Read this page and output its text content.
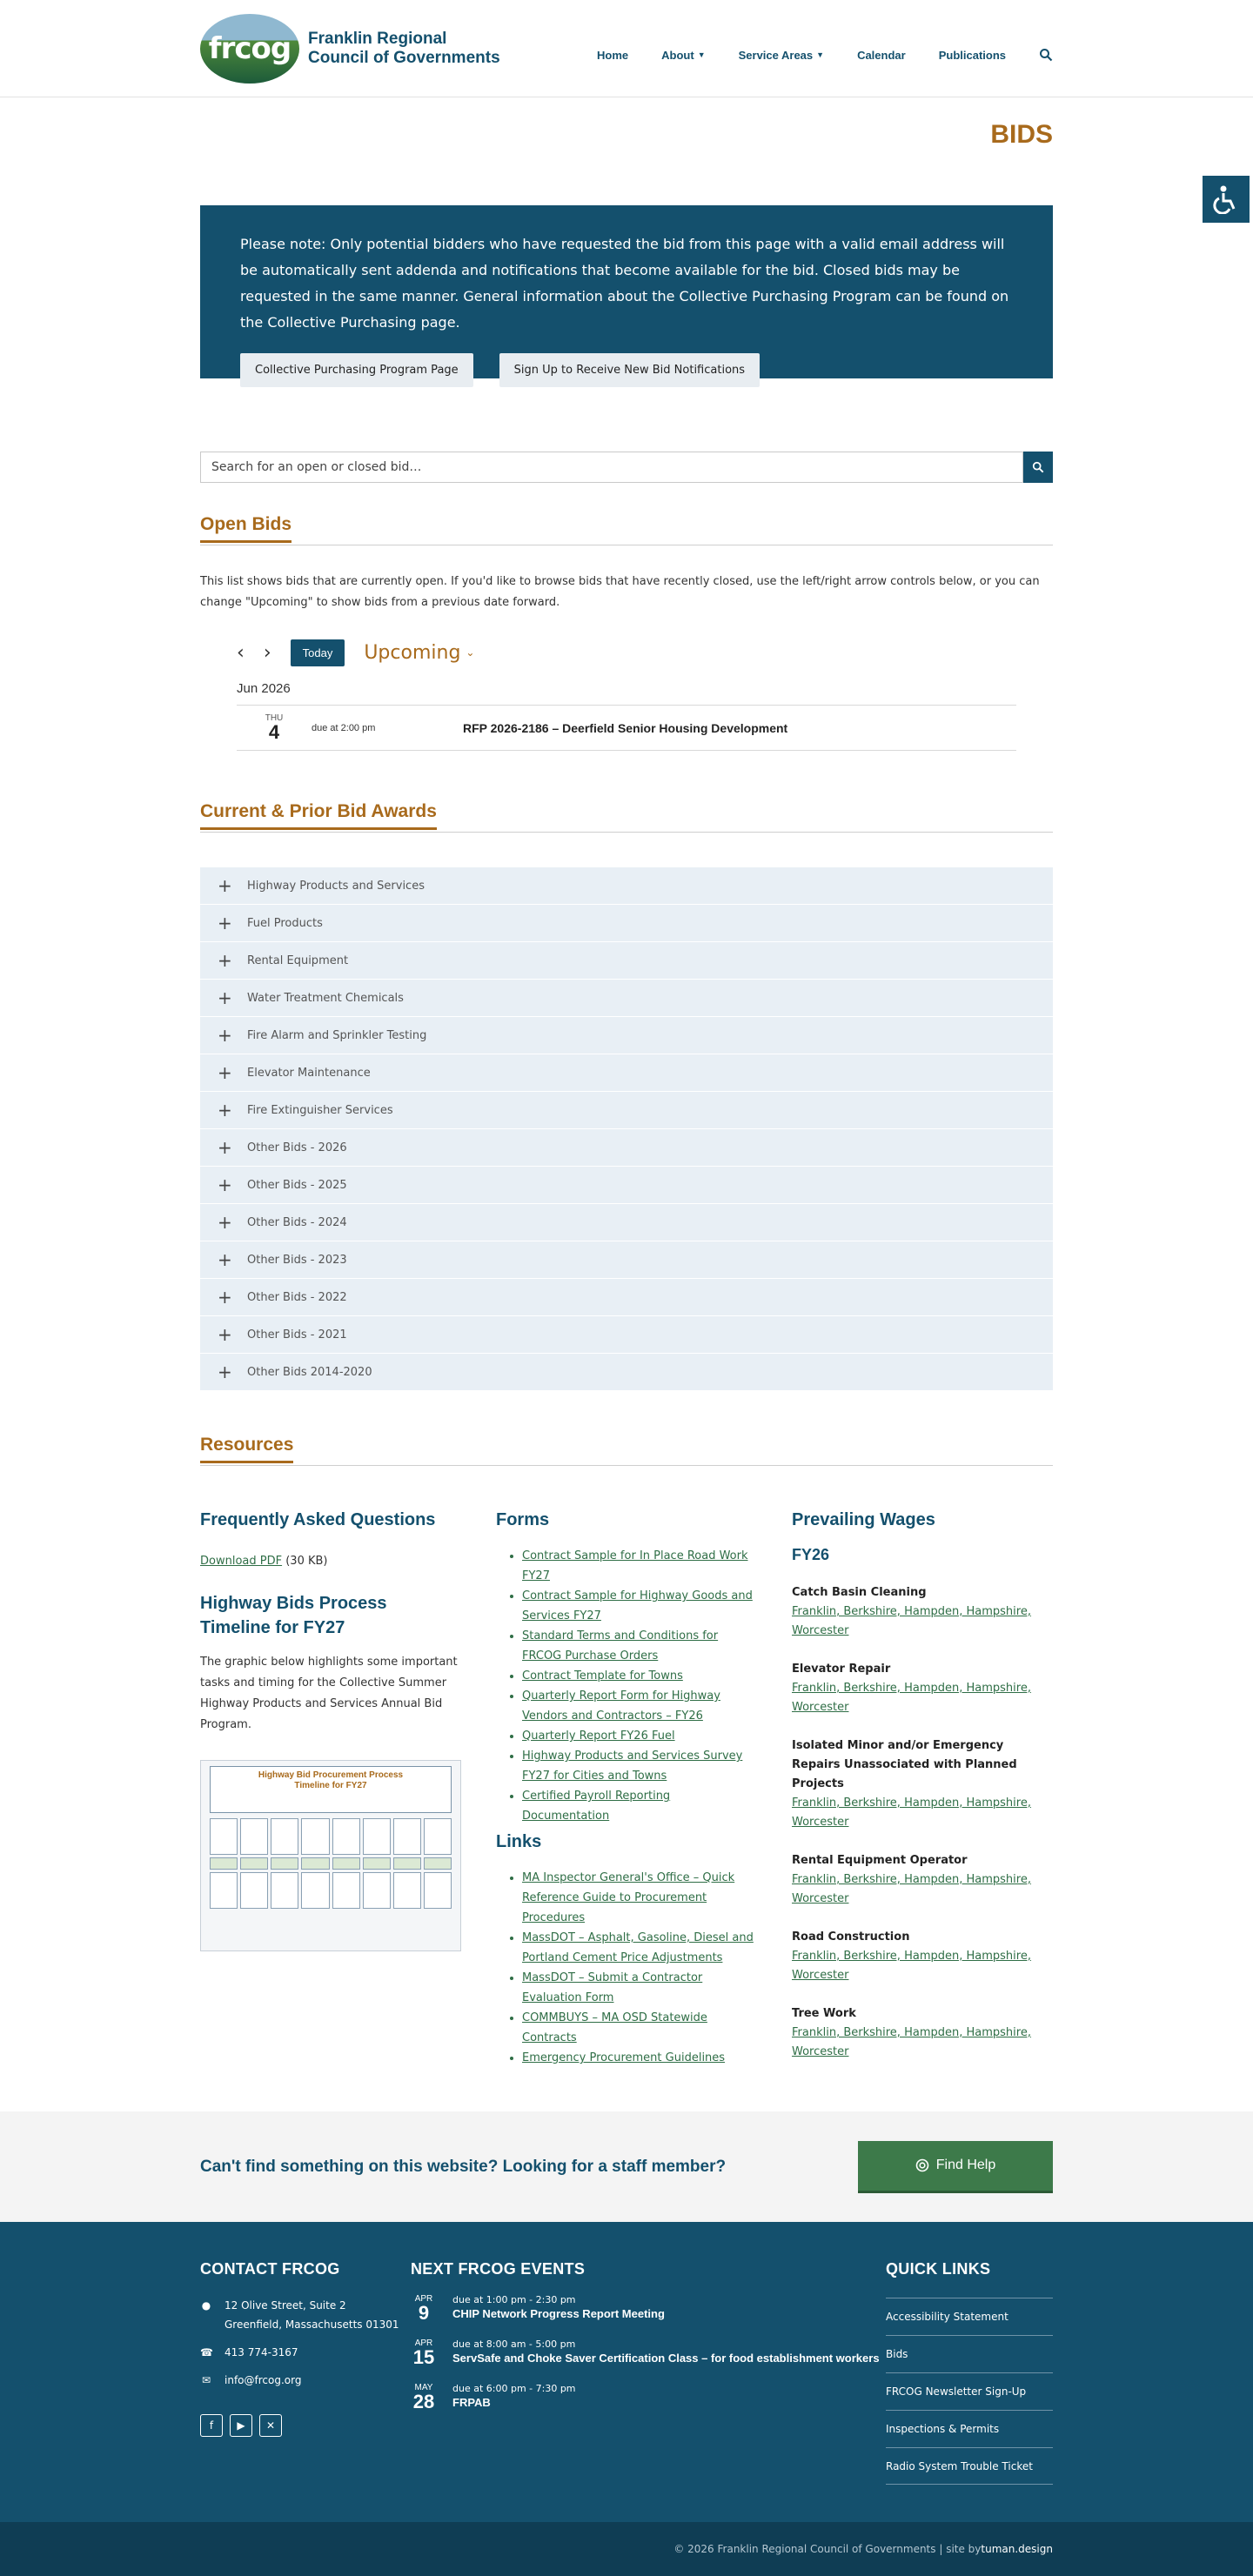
frcog	Franklin Regional
Council of Governments	Home	About ▼	Service Areas ▼	Calendar	Publications
BIDS

Please note: Only potential bidders who have requested the bid from this page with a valid email address will be automatically sent addenda and notifications that become available for the bid. Closed bids may be requested in the same manner. General information about the Collective Purchasing Program can be found on the Collective Purchasing page.

Collective Purchasing Program Page	Sign Up to Receive New Bid Notifications
Search for an open or closed bid…
Open Bids

This list shows bids that are currently open. If you'd like to browse bids that have recently closed, use the left/right arrow controls below, or you can change "Upcoming" to show bids from a previous date forward.

‹ ›	Today	Upcoming ⌄
Jun 2026
THU
4	due at 2:00 pm	RFP 2026-2186 – Deerfield Senior Housing Development
Current & Prior Bid Awards
+	Highway Products and Services
+	Fuel Products
+	Rental Equipment
+	Water Treatment Chemicals
+	Fire Alarm and Sprinkler Testing
+	Elevator Maintenance
+	Fire Extinguisher Services
+	Other Bids - 2026
+	Other Bids - 2025
+	Other Bids - 2024
+	Other Bids - 2023
+	Other Bids - 2022
+	Other Bids - 2021
+	Other Bids 2014-2020
Resources
Frequently Asked Questions

Download PDF (30 KB)

Highway Bids Process Timeline for FY27

The graphic below highlights some important tasks and timing for the Collective Summer Highway Products and Services Annual Bid Program.

Highway Bid Procurement Process
Timeline for FY27
Forms
• Contract Sample for In Place Road Work FY27
• Contract Sample for Highway Goods and Services FY27
• Standard Terms and Conditions for FRCOG Purchase Orders
• Contract Template for Towns
• Quarterly Report Form for Highway Vendors and Contractors – FY26
• Quarterly Report FY26 Fuel
• Highway Products and Services Survey FY27 for Cities and Towns
• Certified Payroll Reporting Documentation
Links
• MA Inspector General's Office – Quick Reference Guide to Procurement Procedures
• MassDOT – Asphalt, Gasoline, Diesel and Portland Cement Price Adjustments
• MassDOT – Submit a Contractor Evaluation Form
• COMMBUYS – MA OSD Statewide Contracts
• Emergency Procurement Guidelines
Prevailing Wages
FY26
Catch Basin Cleaning
Franklin, Berkshire, Hampden, Hampshire, Worcester
Elevator Repair
Franklin, Berkshire, Hampden, Hampshire, Worcester
Isolated Minor and/or Emergency Repairs Unassociated with Planned Projects
Franklin, Berkshire, Hampden, Hampshire, Worcester
Rental Equipment Operator
Franklin, Berkshire, Hampden, Hampshire, Worcester
Road Construction
Franklin, Berkshire, Hampden, Hampshire, Worcester
Tree Work
Franklin, Berkshire, Hampden, Hampshire, Worcester

Can't find something on this website? Looking for a staff member?	Find Help
CONTACT FRCOG
● 12 Olive Street, Suite 2
Greenfield, Massachusetts 01301
☎ 413 774-3167
✉ info@frcog.org
f	▶	✕
NEXT FRCOG EVENTS
APR
9
due at 1:00 pm - 2:30 pm
CHIP Network Progress Report Meeting
APR
15
due at 8:00 am - 5:00 pm
ServSafe and Choke Saver Certification Class – for food establishment workers
MAY
28
due at 6:00 pm - 7:30 pm
FRPAB
QUICK LINKS
Accessibility Statement
Bids
FRCOG Newsletter Sign-Up
Inspections & Permits
Radio System Trouble Ticket
© 2026 Franklin Regional Council of Governments | site by tuman.design
